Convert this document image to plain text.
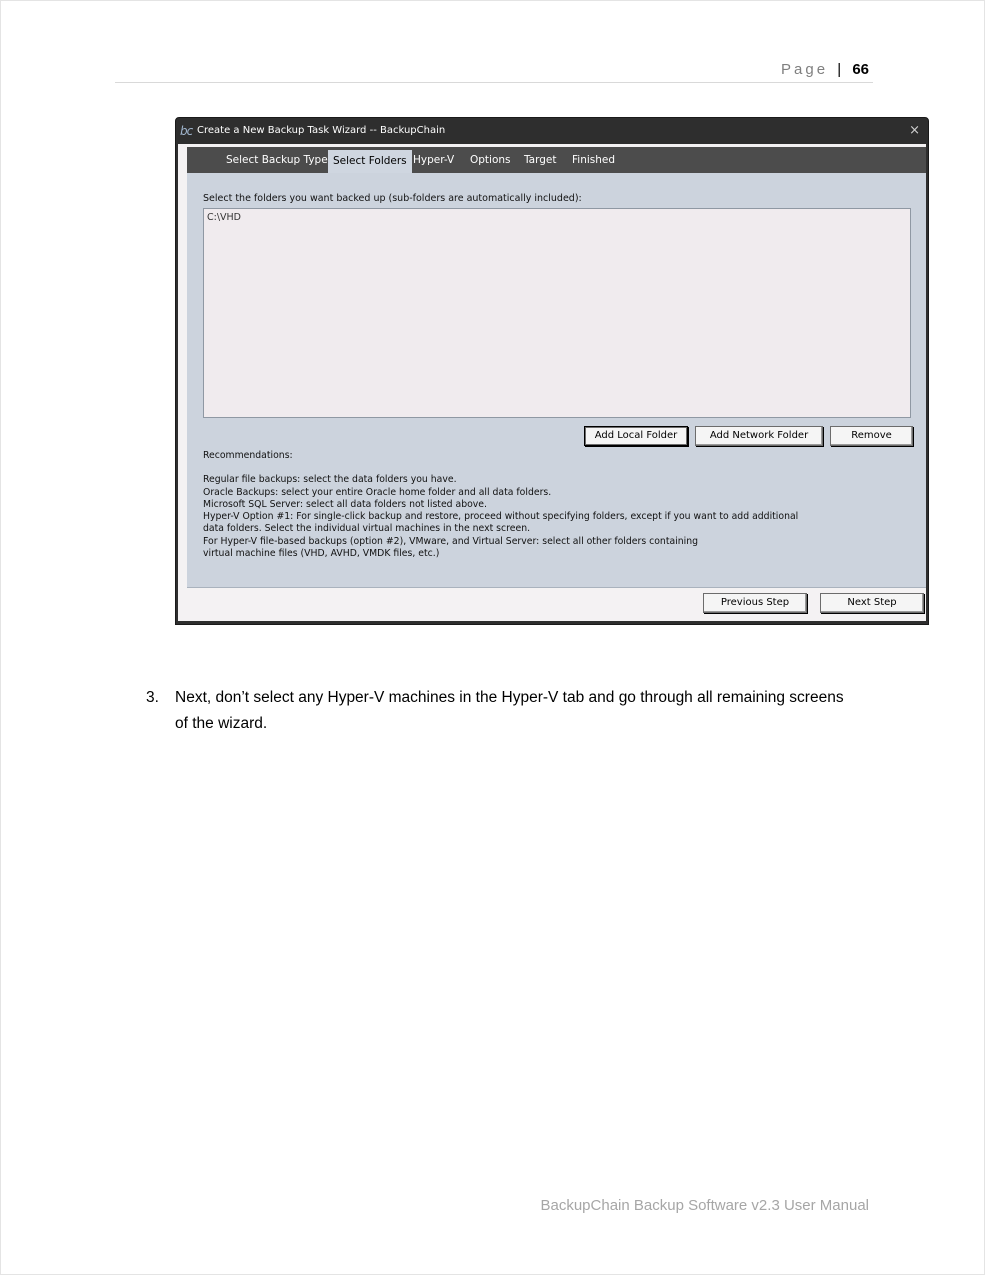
Page | 66
bc Create a New Backup Task Wizard -- BackupChain	×
Select Backup Type Select Folders Hyper-V Options Target Finished
Select the folders you want backed up (sub-folders are automatically included):
C:\VHD
Add Local Folder	Add Network Folder	Remove
Recommendations:
Regular file backups: select the data folders you have.
Oracle Backups: select your entire Oracle home folder and all data folders.
Microsoft SQL Server: select all data folders not listed above.
Hyper-V Option #1: For single-click backup and restore, proceed without specifying folders, except if you want to add additional
data folders. Select the individual virtual machines in the next screen.
For Hyper-V file-based backups (option #2), VMware, and Virtual Server: select all other folders containing
virtual machine files (VHD, AVHD, VMDK files, etc.)
Previous Step	Next Step
3. Next, don’t select any Hyper-V machines in the Hyper-V tab and go through all remaining screens of the wizard.
BackupChain Backup Software v2.3 User Manual
